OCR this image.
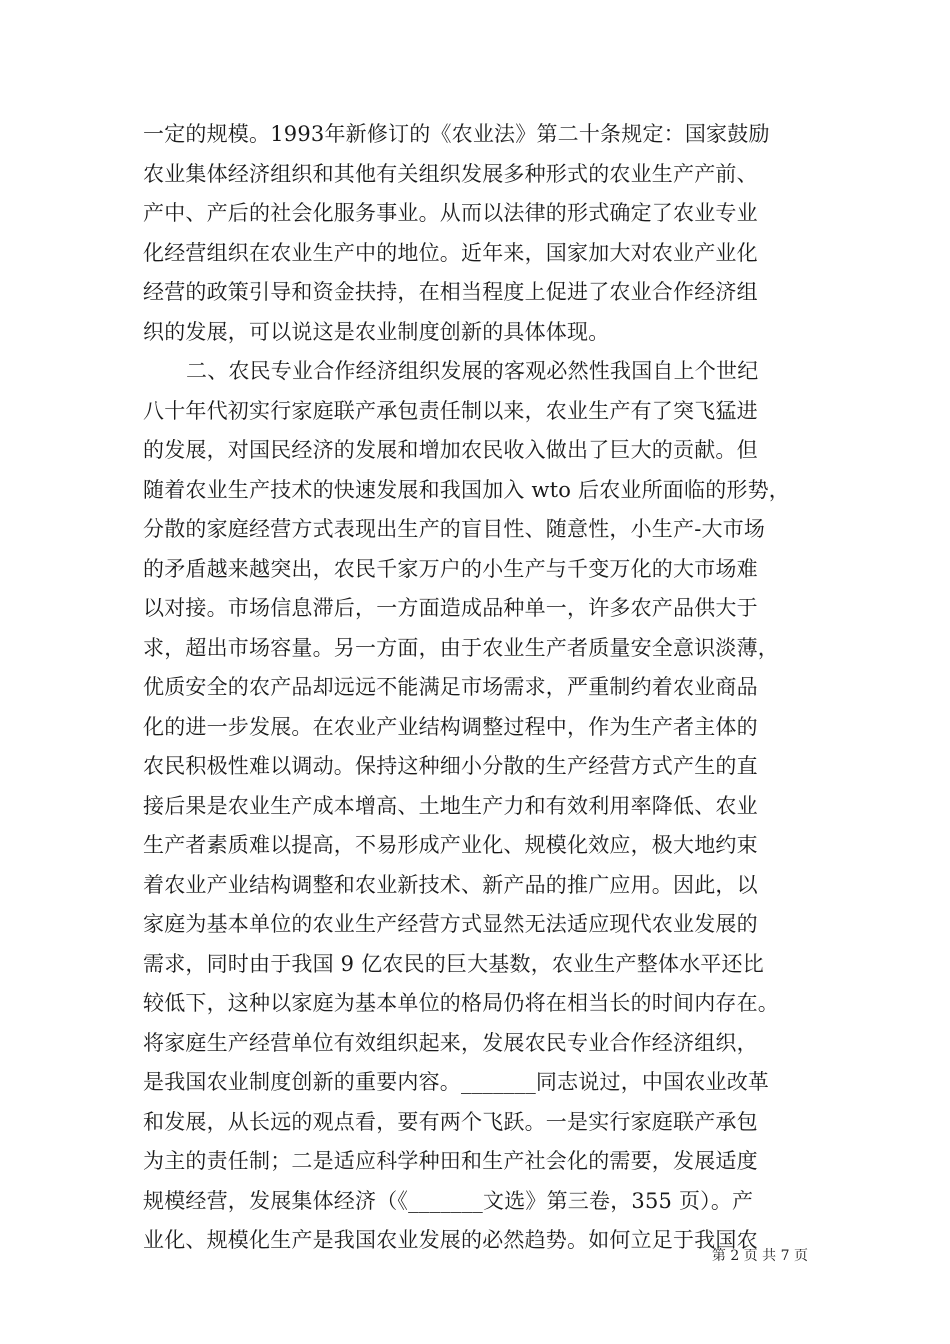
一定的规模。1993年新修订的《农业法》第二十条规定：国家鼓励
农业集体经济组织和其他有关组织发展多种形式的农业生产产前、
产中、产后的社会化服务事业。从而以法律的形式确定了农业专业
化经营组织在农业生产中的地位。近年来，国家加大对农业产业化
经营的政策引导和资金扶持，在相当程度上促进了农业合作经济组
织的发展，可以说这是农业制度创新的具体体现。
二、农民专业合作经济组织发展的客观必然性我国自上个世纪
八十年代初实行家庭联产承包责任制以来，农业生产有了突飞猛进
的发展，对国民经济的发展和增加农民收入做出了巨大的贡献。但
随着农业生产技术的快速发展和我国加入 wto 后农业所面临的形势，
分散的家庭经营方式表现出生产的盲目性、随意性，小生产-大市场
的矛盾越来越突出，农民千家万户的小生产与千变万化的大市场难
以对接。市场信息滞后，一方面造成品种单一，许多农产品供大于
求，超出市场容量。另一方面，由于农业生产者质量安全意识淡薄，
优质安全的农产品却远远不能满足市场需求，严重制约着农业商品
化的进一步发展。在农业产业结构调整过程中，作为生产者主体的
农民积极性难以调动。保持这种细小分散的生产经营方式产生的直
接后果是农业生产成本增高、土地生产力和有效利用率降低、农业
生产者素质难以提高，不易形成产业化、规模化效应，极大地约束
着农业产业结构调整和农业新技术、新产品的推广应用。因此，以
家庭为基本单位的农业生产经营方式显然无法适应现代农业发展的
需求，同时由于我国 9 亿农民的巨大基数，农业生产整体水平还比
较低下，这种以家庭为基本单位的格局仍将在相当长的时间内存在。
将家庭生产经营单位有效组织起来，发展农民专业合作经济组织，
是我国农业制度创新的重要内容。_______同志说过，中国农业改革
和发展，从长远的观点看，要有两个飞跃。一是实行家庭联产承包
为主的责任制；二是适应科学种田和生产社会化的需要，发展适度
规模经营，发展集体经济（《_______文选》第三卷，355 页）。产
业化、规模化生产是我国农业发展的必然趋势。如何立足于我国农
第 2 页 共 7 页
